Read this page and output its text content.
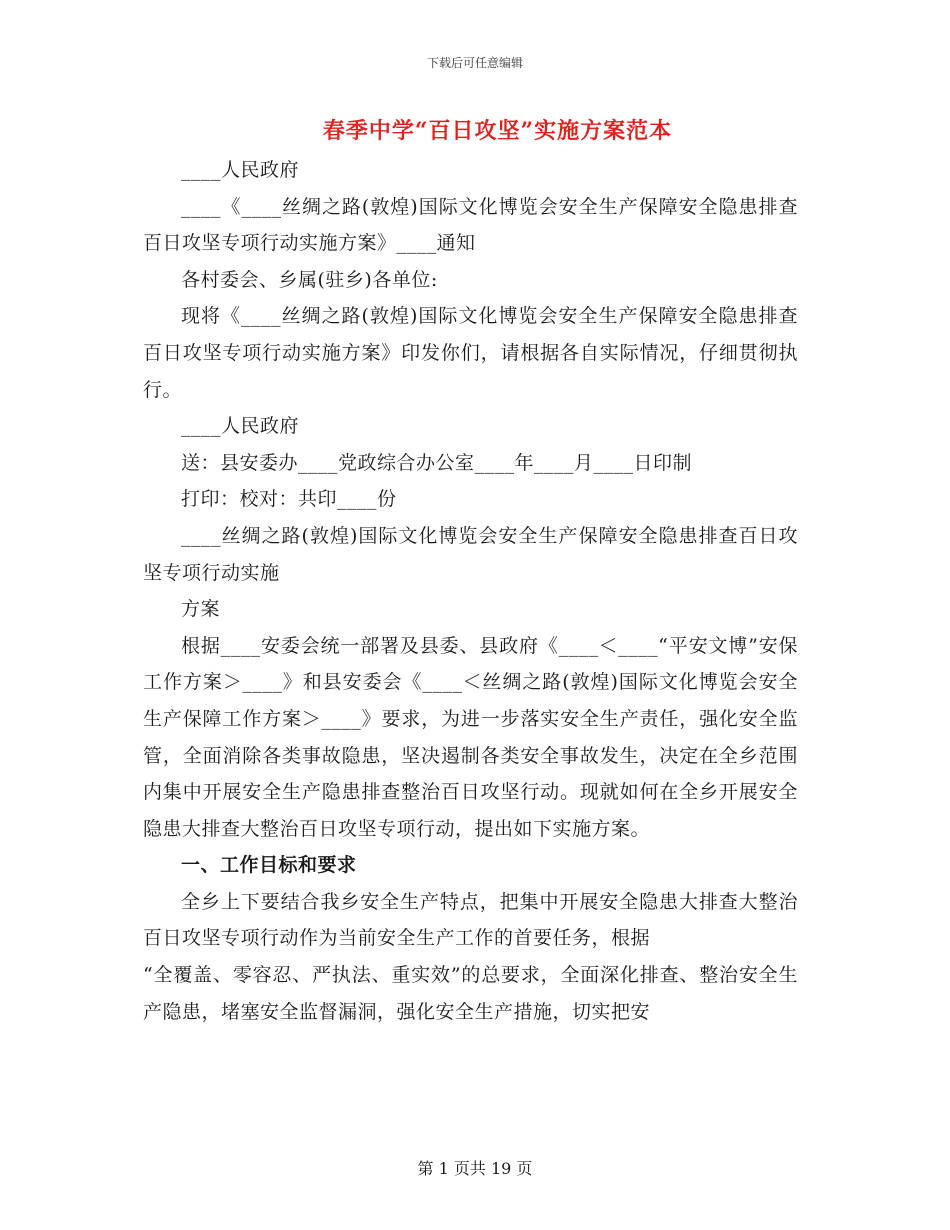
下载后可任意编辑
春季中学“百日攻坚”实施方案范本

____人民政府

____《____丝绸之路(敦煌)国际文化博览会安全生产保障安全隐患排查百日攻坚专项行动实施方案》____通知

各村委会、乡属(驻乡)各单位:

现将《____丝绸之路(敦煌)国际文化博览会安全生产保障安全隐患排查百日攻坚专项行动实施方案》印发你们，请根据各自实际情况，仔细贯彻执行。

____人民政府

送：县安委办____党政综合办公室____年____月____日印制

打印：校对：共印____份

____丝绸之路(敦煌)国际文化博览会安全生产保障安全隐患排查百日攻坚专项行动实施

方案

根据____安委会统一部署及县委、县政府《____＜____“平安文博”安保工作方案＞____》和县安委会《____＜丝绸之路(敦煌)国际文化博览会安全生产保障工作方案＞____》要求，为进一步落实安全生产责任，强化安全监管，全面消除各类事故隐患，坚决遏制各类安全事故发生，决定在全乡范围内集中开展安全生产隐患排查整治百日攻坚行动。现就如何在全乡开展安全隐患大排查大整治百日攻坚专项行动，提出如下实施方案。

一、工作目标和要求

全乡上下要结合我乡安全生产特点，把集中开展安全隐患大排查大整治百日攻坚专项行动作为当前安全生产工作的首要任务，根据

“全覆盖、零容忍、严执法、重实效”的总要求，全面深化排查、整治安全生产隐患，堵塞安全监督漏洞，强化安全生产措施，切实把安

第 1 页共 19 页
